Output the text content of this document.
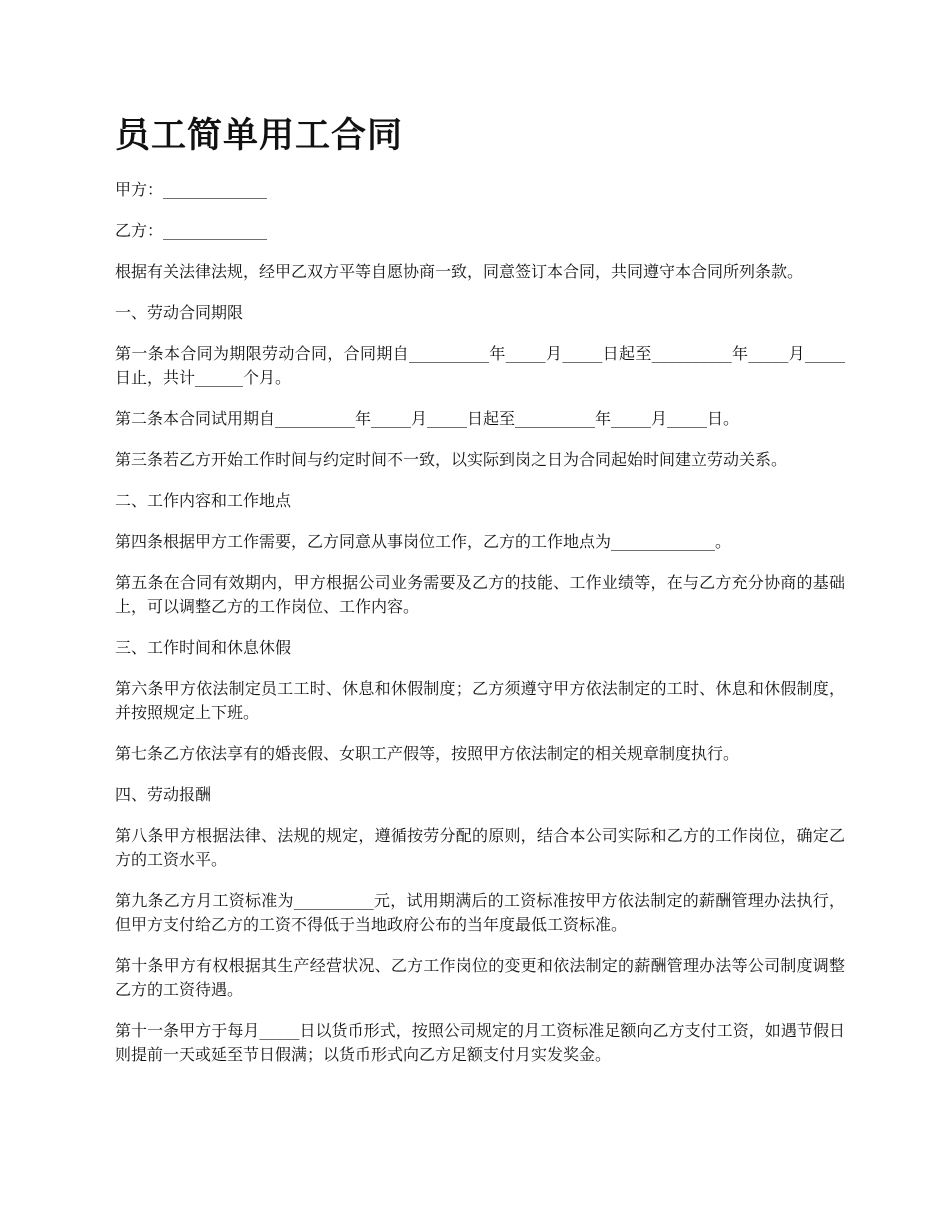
员工简单用工合同

甲方：_____________

乙方：_____________

根据有关法律法规，经甲乙双方平等自愿协商一致，同意签订本合同，共同遵守本合同所列条款。

一、劳动合同期限

第一条本合同为期限劳动合同，合同期自__________年_____月_____日起至__________年_____月_____日止，共计______个月。

第二条本合同试用期自__________年_____月_____日起至__________年_____月_____日。

第三条若乙方开始工作时间与约定时间不一致，以实际到岗之日为合同起始时间建立劳动关系。

二、工作内容和工作地点

第四条根据甲方工作需要，乙方同意从事岗位工作，乙方的工作地点为_____________。

第五条在合同有效期内，甲方根据公司业务需要及乙方的技能、工作业绩等，在与乙方充分协商的基础上，可以调整乙方的工作岗位、工作内容。

三、工作时间和休息休假

第六条甲方依法制定员工工时、休息和休假制度；乙方须遵守甲方依法制定的工时、休息和休假制度，并按照规定上下班。

第七条乙方依法享有的婚丧假、女职工产假等，按照甲方依法制定的相关规章制度执行。

四、劳动报酬

第八条甲方根据法律、法规的规定，遵循按劳分配的原则，结合本公司实际和乙方的工作岗位，确定乙方的工资水平。

第九条乙方月工资标准为__________元，试用期满后的工资标准按甲方依法制定的薪酬管理办法执行，但甲方支付给乙方的工资不得低于当地政府公布的当年度最低工资标准。

第十条甲方有权根据其生产经营状况、乙方工作岗位的变更和依法制定的薪酬管理办法等公司制度调整乙方的工资待遇。

第十一条甲方于每月_____日以货币形式，按照公司规定的月工资标准足额向乙方支付工资，如遇节假日则提前一天或延至节日假满；以货币形式向乙方足额支付月实发奖金。
